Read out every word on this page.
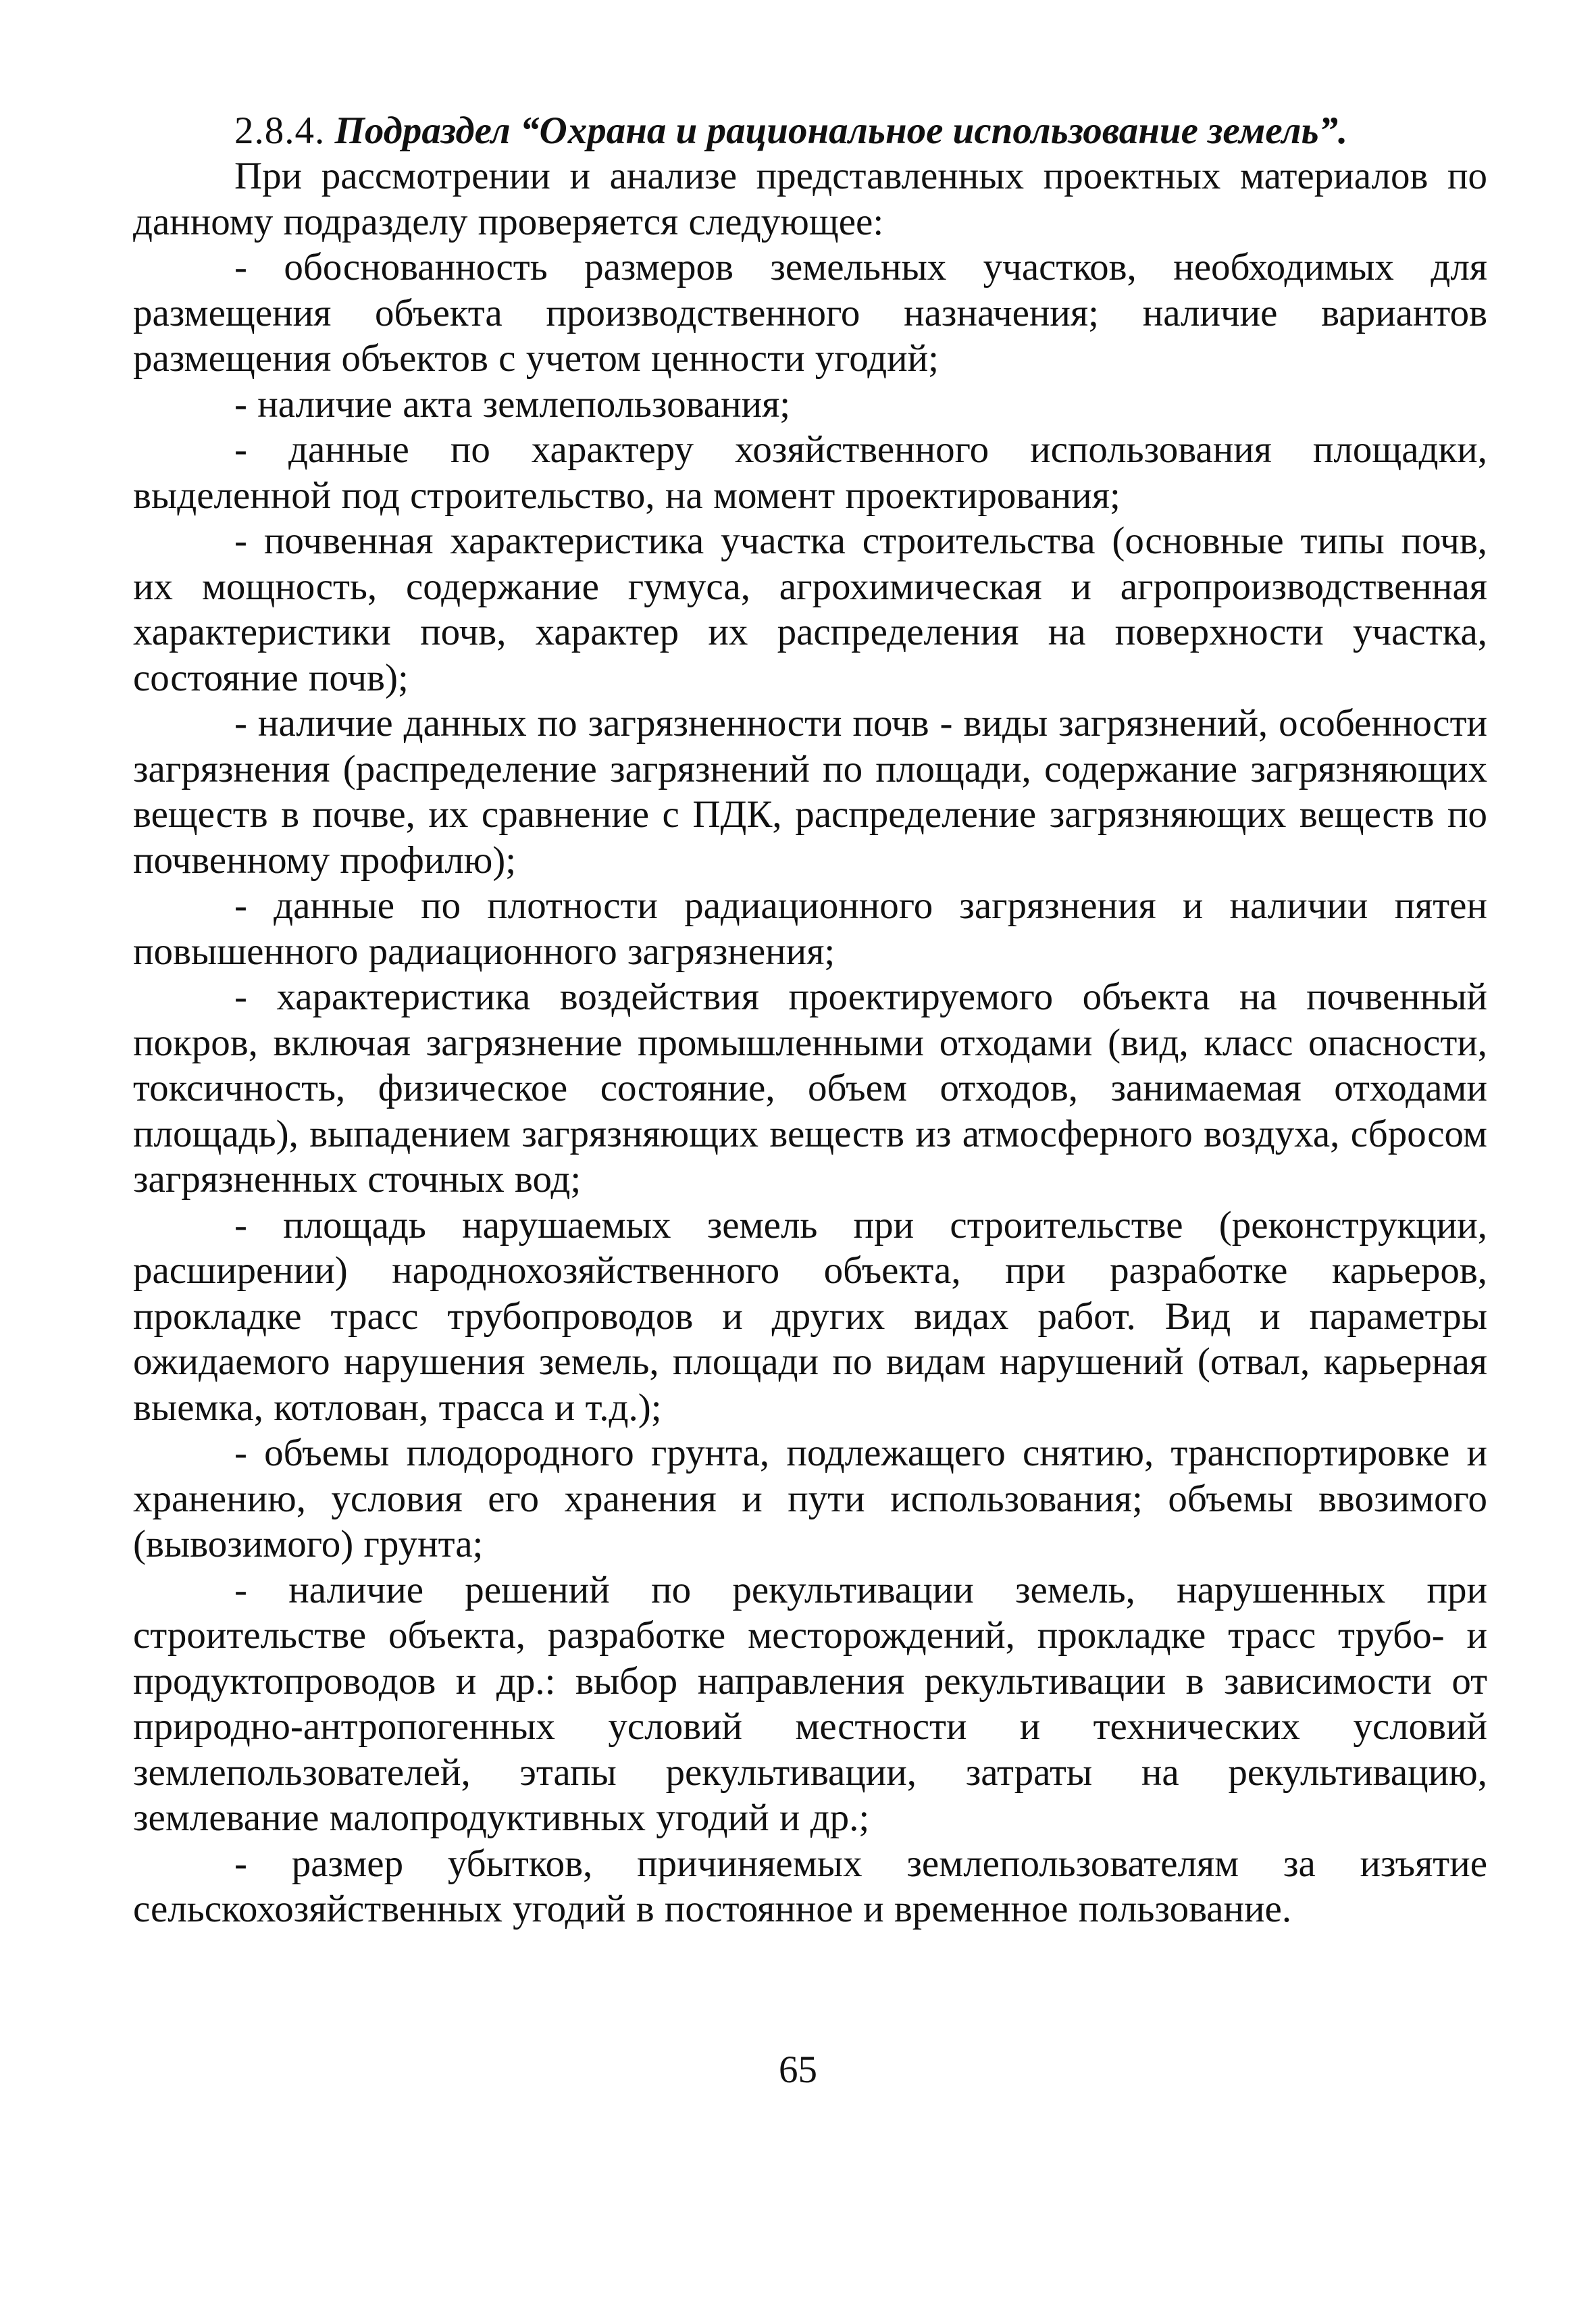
2.8.4. Подраздел “Охрана и рациональное использование земель”.

При рассмотрении и анализе представленных проектных материалов по данному подразделу проверяется следующее:

- обоснованность размеров земельных участков, необходимых для размещения объекта производственного назначения; наличие вариантов размещения объектов с учетом ценности угодий;

- наличие акта землепользования;

- данные по характеру хозяйственного использования площадки, выделенной под строительство, на момент проектирования;

- почвенная характеристика участка строительства (основные типы почв, их мощность, содержание гумуса, агрохимическая и агропроизводственная характеристики почв, характер их распределения на поверхности участка, состояние почв);

- наличие данных по загрязненности почв - виды загрязнений, особенности загрязнения (распределение загрязнений по площади, содержание загрязняющих веществ в почве, их сравнение с ПДК, распределение загрязняющих веществ по почвенному профилю);

- данные по плотности радиационного загрязнения и наличии пятен повышенного радиационного загрязнения;

- характеристика воздействия проектируемого объекта на почвенный покров, включая загрязнение промышленными отходами (вид, класс опасности, токсичность, физическое состояние, объем отходов, занимаемая отходами площадь), выпадением загрязняющих веществ из атмосферного воздуха, сбросом загрязненных сточных вод;

- площадь нарушаемых земель при строительстве (реконструкции, расширении) народнохозяйственного объекта, при разработке карьеров, прокладке трасс трубопроводов и других видах работ. Вид и параметры ожидаемого нарушения земель, площади по видам нарушений (отвал, карьерная выемка, котлован, трасса и т.д.);

- объемы плодородного грунта, подлежащего снятию, транспортировке и хранению, условия его хранения и пути использования; объемы ввозимого (вывозимого) грунта;

- наличие решений по рекультивации земель, нарушенных при строительстве объекта, разработке месторождений, прокладке трасс трубо- и продуктопроводов и др.: выбор направления рекультивации в зависимости от природно-антропогенных условий местности и технических условий землепользователей, этапы рекультивации, затраты на рекультивацию, землевание малопродуктивных угодий и др.;

- размер убытков, причиняемых землепользователям за изъятие сельскохозяйственных угодий в постоянное и временное пользование.

65
